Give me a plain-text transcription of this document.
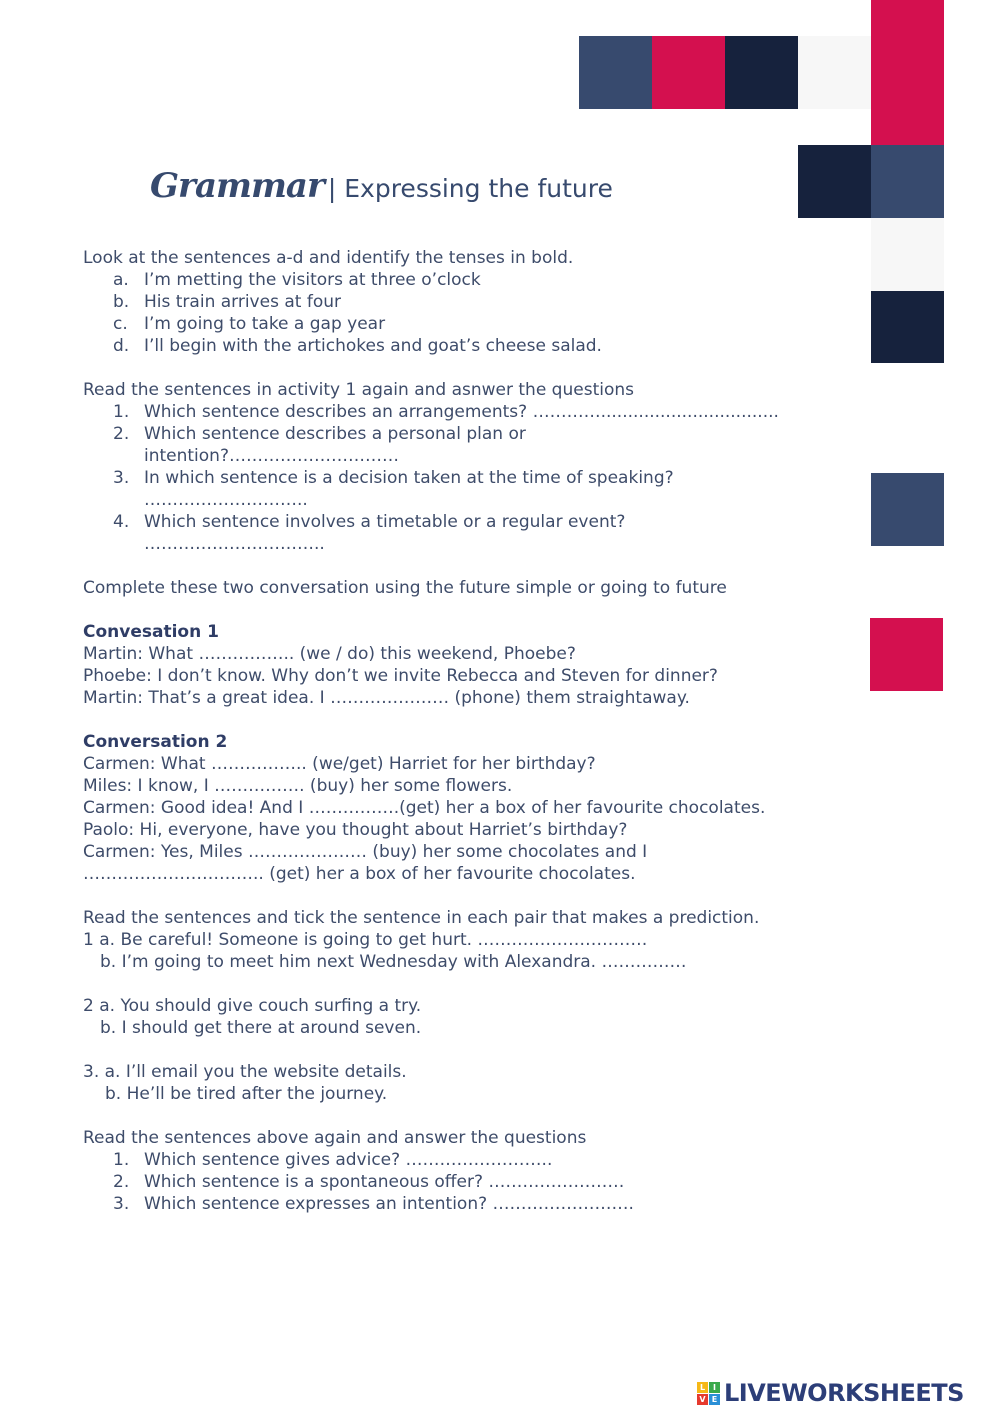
Grammar | Expressing the future

Look at the sentences a-d and identify the tenses in bold.

a. I’m metting the visitors at three o’clock
b. His train arrives at four
c. I’m going to take a gap year
d. I’ll begin with the artichokes and goat’s cheese salad.

Read the sentences in activity 1 again and asnwer the questions

1. Which sentence describes an arrangements? ………….................................
2. Which sentence describes a personal plan or
intention?…………………………
3. In which sentence is a decision taken at the time of speaking?
………………………..
4. Which sentence involves a timetable or a regular event?
…………………………..

Complete these two conversation using the future simple or going to future

Convesation 1

Martin: What …………….. (we / do) this weekend, Phoebe?

Phoebe: I don’t know. Why don’t we invite Rebecca and Steven for dinner?

Martin: That’s a great idea. I ………………… (phone) them straightaway.

Conversation 2

Carmen: What …………….. (we/get) Harriet for her birthday?

Miles: I know, I ……………. (buy) her some flowers.

Carmen: Good idea! And I …………….(get) her a box of her favourite chocolates.

Paolo: Hi, everyone, have you thought about Harriet’s birthday?

Carmen: Yes, Miles ………………… (buy) her some chocolates and I

………………………….. (get) her a box of her favourite chocolates.

Read the sentences and tick the sentence in each pair that makes a prediction.

1 a. Be careful! Someone is going to get hurt. …………………………

b. I’m going to meet him next Wednesday with Alexandra. ……………

2 a. You should give couch surfing a try.

b. I should get there at around seven.

3. a. I’ll email you the website details.

b. He’ll be tired after the journey.

Read the sentences above again and answer the questions

1. Which sentence gives advice? ……………………..
2. Which sentence is a spontaneous offer? ……………………
3. Which sentence expresses an intention? …………………….
L I
V E LIVEWORKSHEETS
